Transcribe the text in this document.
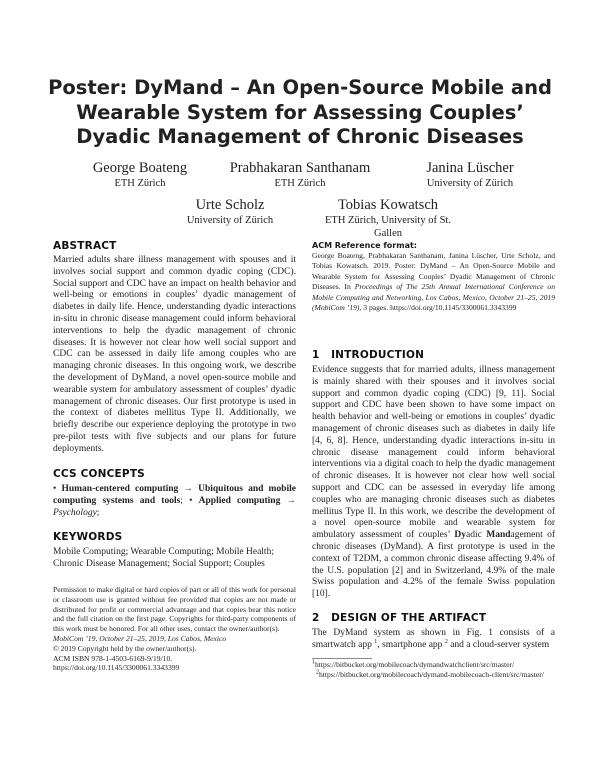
Poster: DyMand – An Open-Source Mobile and Wearable System for Assessing Couples’ Dyadic Management of Chronic Diseases
George Boateng
ETH Zürich
Prabhakaran Santhanam
ETH Zürich
Janina Lüscher
University of Zürich
Urte Scholz
University of Zürich
Tobias Kowatsch
ETH Zürich, University of St. Gallen
ABSTRACT
Married adults share illness management with spouses and it involves social support and common dyadic coping (CDC). Social support and CDC have an impact on health behavior and well-being or emotions in couples’ dyadic management of diabetes in daily life. Hence, understanding dyadic interactions in-situ in chronic disease management could inform behavioral interventions to help the dyadic management of chronic diseases. It is however not clear how well social support and CDC can be assessed in daily life among couples who are managing chronic diseases. In this ongoing work, we describe the development of DyMand, a novel open-source mobile and wearable system for ambulatory assessment of couples’ dyadic management of chronic diseases. Our first prototype is used in the context of diabetes mellitus Type II. Additionally, we briefly describe our experience deploying the prototype in two pre-pilot tests with five subjects and our plans for future deployments.
CCS CONCEPTS
• Human-centered computing → Ubiquitous and mobile computing systems and tools; • Applied computing → Psychology;
KEYWORDS
Mobile Computing; Wearable Computing; Mobile Health; Chronic Disease Management; Social Support; Couples
Permission to make digital or hard copies of part or all of this work for personal or classroom use is granted without fee provided that copies are not made or distributed for profit or commercial advantage and that copies bear this notice and the full citation on the first page. Copyrights for third-party components of this work must be honored. For all other uses, contact the owner/author(s).
MobiCom ’19, October 21–25, 2019, Los Cabos, Mexico
© 2019 Copyright held by the owner/author(s).
ACM ISBN 978-1-4503-6169-9/19/10.
https://doi.org/10.1145/3300061.3343399
ACM Reference format:
George Boateng, Prabhakaran Santhanam, Janina Lüscher, Urte Scholz, and Tobias Kowatsch. 2019. Poster: DyMand – An Open-Source Mobile and Wearable System for Assessing Couples’ Dyadic Management of Chronic Diseases. In Proceedings of The 25th Annual International Conference on Mobile Computing and Networking, Los Cabos, Mexico, October 21–25, 2019 (MobiCom ’19), 3 pages. https://doi.org/10.1145/3300061.3343399
1   INTRODUCTION
Evidence suggests that for married adults, illness management is mainly shared with their spouses and it involves social support and common dyadic coping (CDC) [9, 11]. Social support and CDC have been shown to have some impact on health behavior and well-being or emotions in couples’ dyadic management of chronic diseases such as diabetes in daily life [4, 6, 8]. Hence, understanding dyadic interactions in-situ in chronic disease management could inform behavioral interventions via a digital coach to help the dyadic management of chronic diseases. It is however not clear how well social support and CDC can be assessed in everyday life among couples who are managing chronic diseases such as diabetes mellitus Type II. In this work, we describe the development of a novel open-source mobile and wearable system for ambulatory assessment of couples’ Dyadic Mandagement of chronic diseases (DyMand). A first prototype is used in the context of T2DM, a common chronic disease affecting 9.4% of the U.S. population [2] and in Switzerland, 4.9% of the male Swiss population and 4.2% of the female Swiss population [10].
2   DESIGN OF THE ARTIFACT
The DyMand system as shown in Fig. 1 consists of a smartwatch app $^1$, smartphone app $^2$ and a cloud-server system
$^1$https://bitbucket.org/mobilecoach/dymandwatchclient/src/master/
$^2$https://bitbucket.org/mobilecoach/dymand-mobilecoach-client/src/master/
